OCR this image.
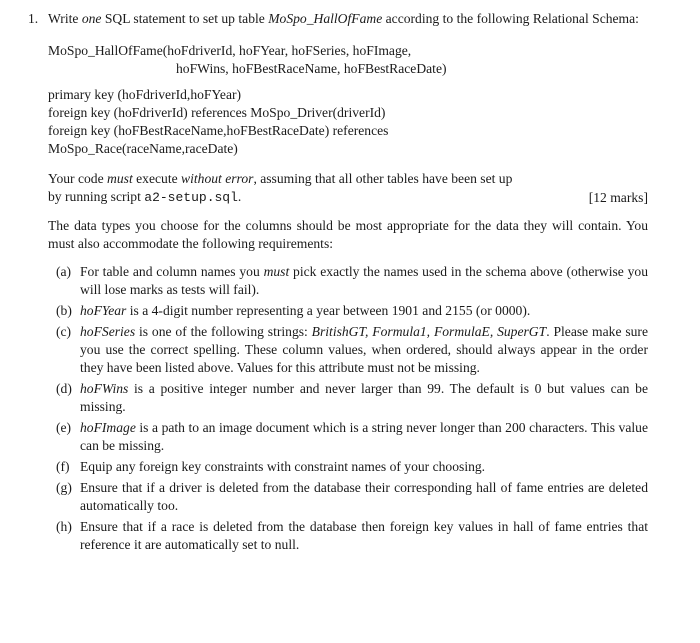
1. Write one SQL statement to set up table MoSpo_HallOfFame according to the following Relational Schema:

MoSpo_HallOfFame(hoFdriverId, hoFYear, hoFSeries, hoFImage,
hoFWins, hoFBestRaceName, hoFBestRaceDate)
primary key (hoFdriverId,hoFYear)
foreign key (hoFdriverId) references MoSpo_Driver(driverId)
foreign key (hoFBestRaceName,hoFBestRaceDate) references
MoSpo_Race(raceName,raceDate)

Your code must execute without error, assuming that all other tables have been set up by running script a2-setup.sql.	[12 marks]

The data types you choose for the columns should be most appropriate for the data they will contain. You must also accommodate the following requirements:

(a) For table and column names you must pick exactly the names used in the schema above (otherwise you will lose marks as tests will fail).
(b) hoFYear is a 4-digit number representing a year between 1901 and 2155 (or 0000).
(c) hoFSeries is one of the following strings: BritishGT, Formula1, FormulaE, SuperGT. Please make sure you use the correct spelling. These column values, when ordered, should always appear in the order they have been listed above. Values for this attribute must not be missing.
(d) hoFWins is a positive integer number and never larger than 99. The default is 0 but values can be missing.
(e) hoFImage is a path to an image document which is a string never longer than 200 characters. This value can be missing.
(f) Equip any foreign key constraints with constraint names of your choosing.
(g) Ensure that if a driver is deleted from the database their corresponding hall of fame entries are deleted automatically too.
(h) Ensure that if a race is deleted from the database then foreign key values in hall of fame entries that reference it are automatically set to null.
